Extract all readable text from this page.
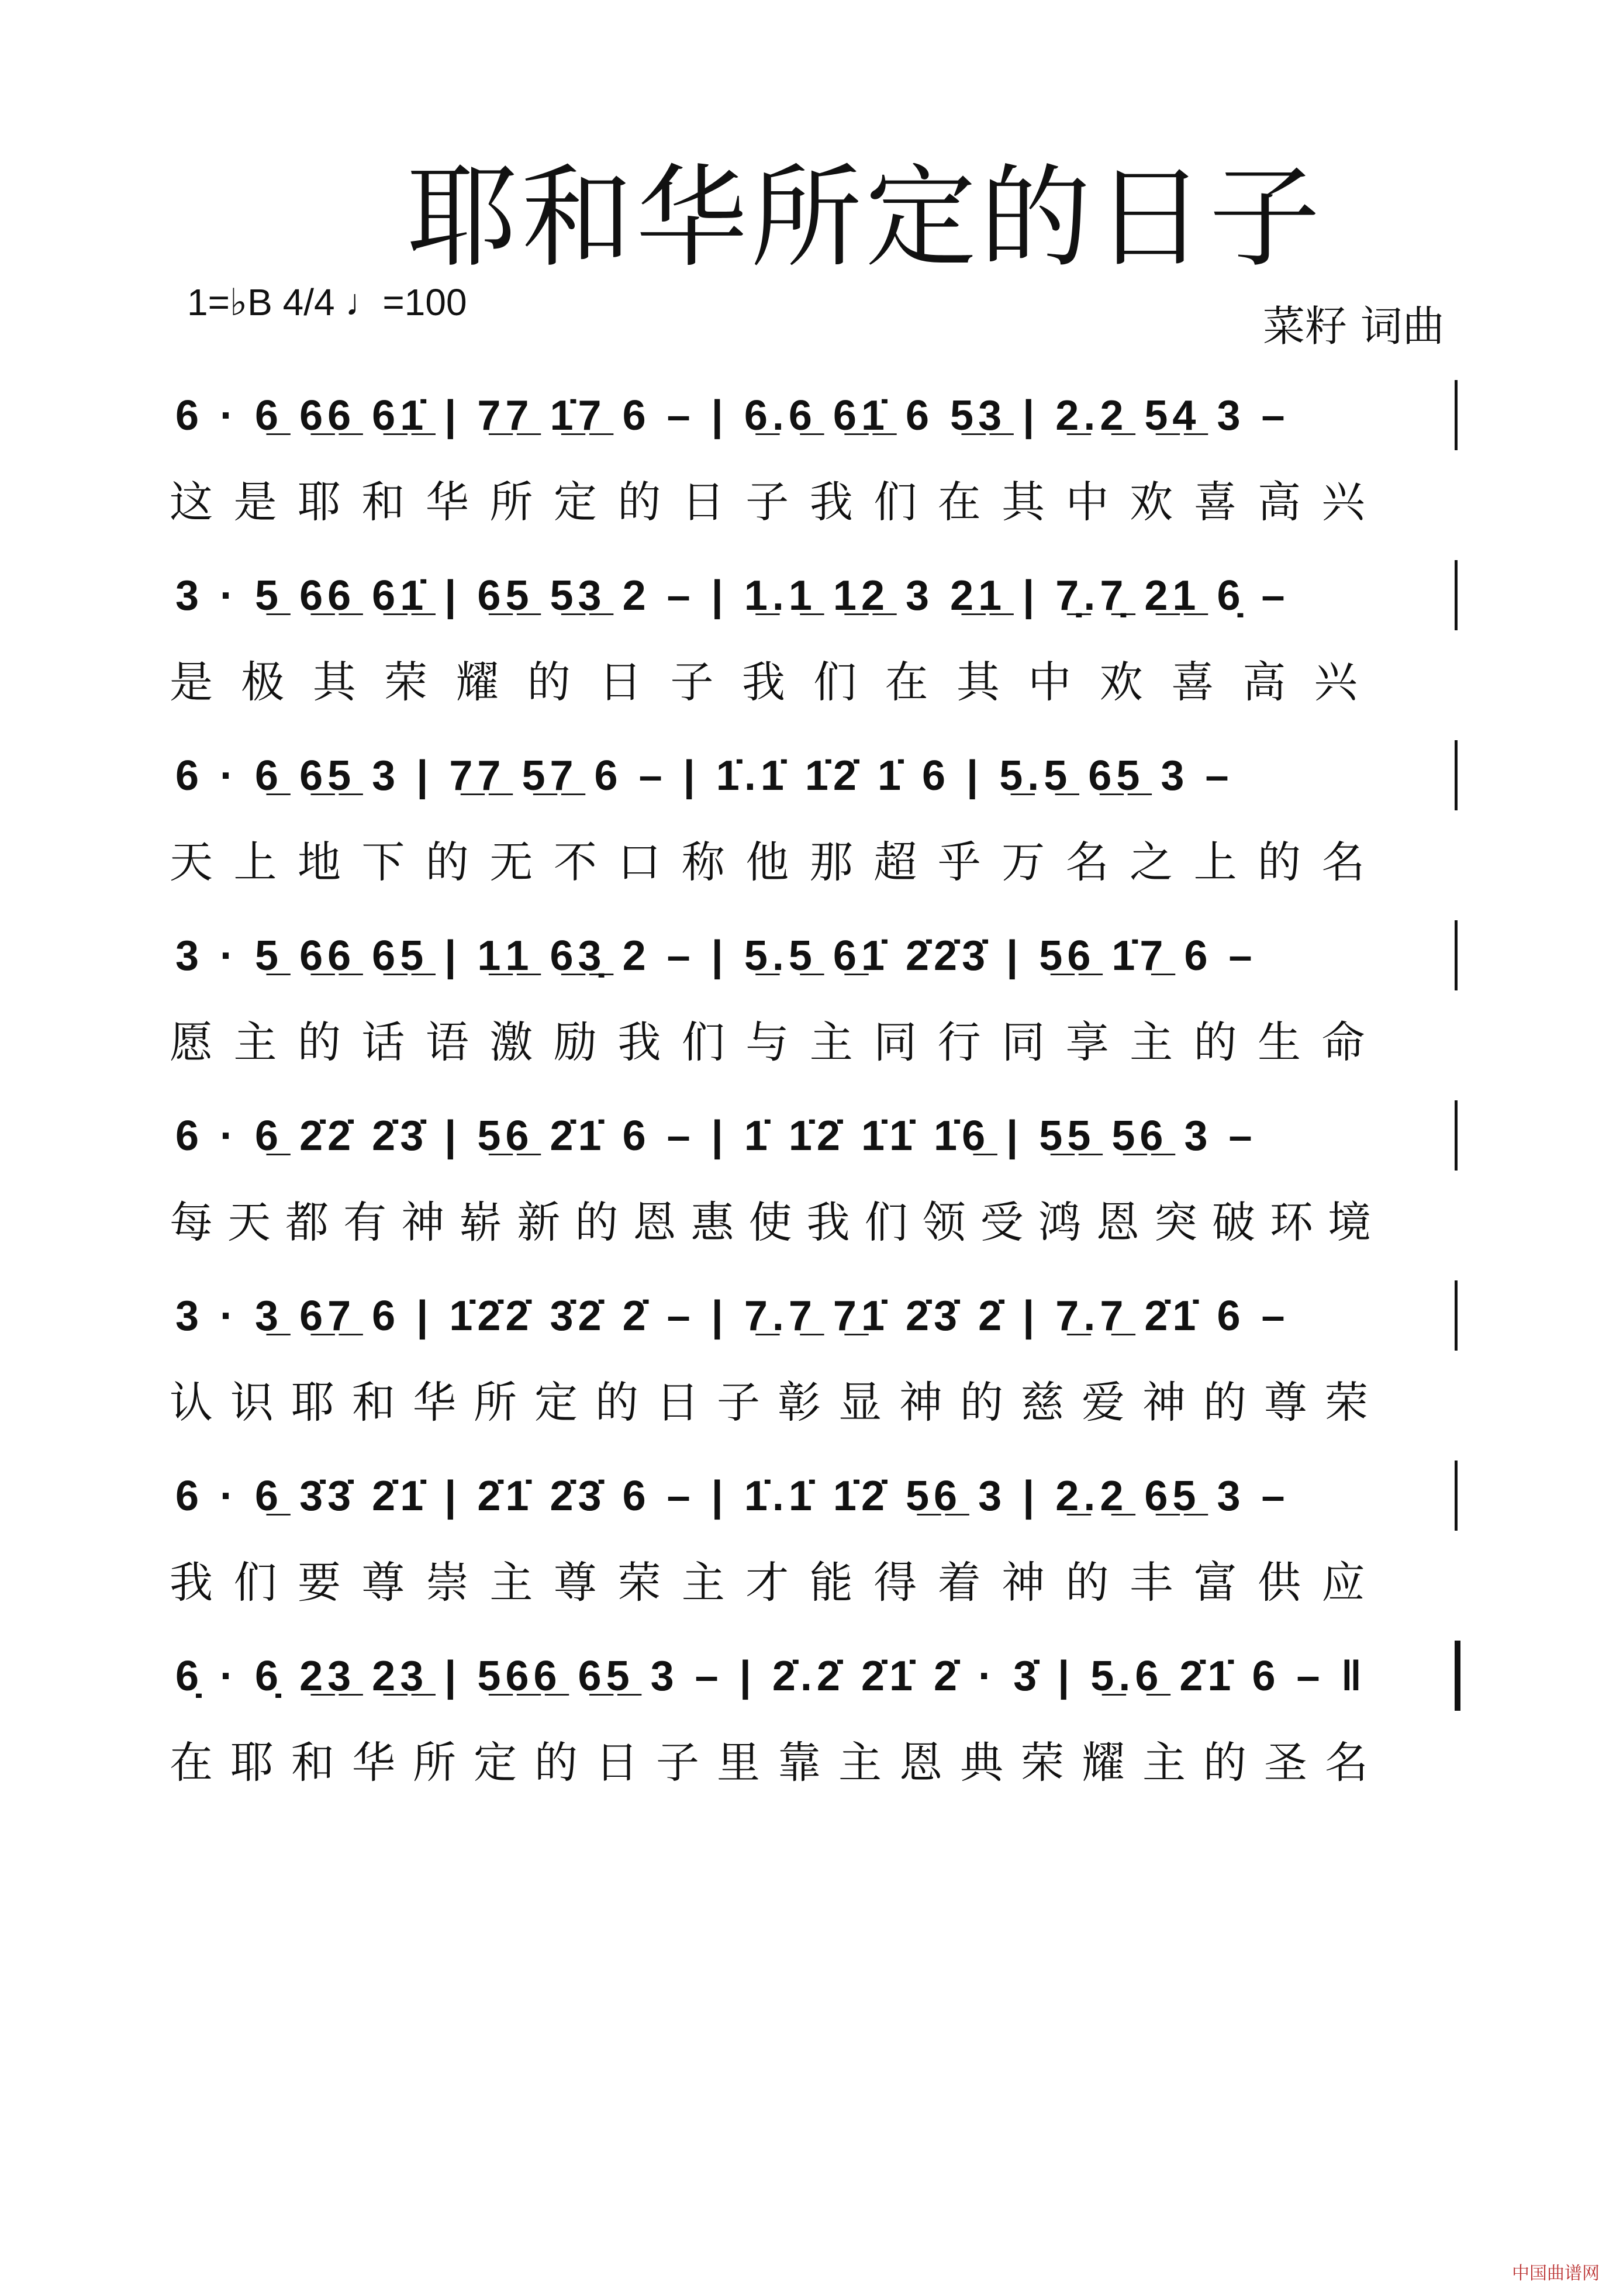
耶和华所定的日子
1=♭B 4/4 ♩=100	菜籽 词曲
6 · 6̲ 6̲6̲ 6̲1̲̇ | 7̲7̲ 1̲̇7̲ 6 – | 6̲.6̲ 6̲1̲̇ 6 5̲3̲ | 2̲.2̲ 5̲4̲ 3 –
这 是 耶 和 华 所 定 的 日 子 我 们 在 其 中 欢 喜 高 兴
3 · 5̲ 6̲6̲ 6̲1̲̇ | 6̲5̲ 5̲3̲ 2 – | 1̲.1̲ 1̲2̲ 3 2̲1̲ | 7̣̲.7̣̲ 2̲1̲ 6̣ –
是 极 其 荣 耀 的 日 子 我 们 在 其 中 欢 喜 高 兴
6 · 6̲ 6̲5̲ 3 | 7̲7̲ 5̲7̲ 6 – | 1̇.1̇ 1̇2̇ 1̇ 6 | 5̲.5̲ 6̲5̲ 3 –
天 上 地 下 的 无 不 口 称 他 那 超 乎 万 名 之 上 的 名
3 · 5̲ 6̲6̲ 6̲5̲ | 1̲1̲ 6̲3̣̲ 2 – | 5̲.5̲ 6̲1̇ 2̇2̇3̇ | 5̲6̲ 1̇7̲ 6 –
愿 主 的 话 语 激 励 我 们 与 主 同 行 同 享 主 的 生 命
6 · 6̲ 2̇2̇ 2̇3̇ | 5̲6̲ 2̇1̇ 6 – | 1̇ 1̇2̇ 1̇1̇ 1̇6̲ | 5̲5̲ 5̲6̲ 3 –
每 天 都 有 神 崭 新 的 恩 惠 使 我 们 领 受 鸿 恩 突 破 环 境
3 · 3̲ 6̲7̲ 6 | 1̇2̇2̇ 3̇2̇ 2̇ – | 7̲.7̲ 7̲1̇ 2̇3̇ 2̇ | 7̲.7̲ 2̇1̇ 6 –
认 识 耶 和 华 所 定 的 日 子 彰 显 神 的 慈 爱 神 的 尊 荣
6 · 6̲ 3̇3̇ 2̇1̇ | 2̇1̇ 2̇3̇ 6 – | 1̇.1̇ 1̇2̇ 5̲6̲ 3 | 2̲.2̲ 6̲5̲ 3 –
我 们 要 尊 崇 主 尊 荣 主 才 能 得 着 神 的 丰 富 供 应
6̣ · 6̣ 2̲3̲ 2̲3̲ | 5̲6̲6̲ 6̲5̲ 3 – | 2̇.2̇ 2̇1̇ 2̇ · 3̇ | 5̲.6̲ 2̇1̇ 6 – ‖
在 耶 和 华 所 定 的 日 子 里 靠 主 恩 典 荣 耀 主 的 圣 名
中国曲谱网
